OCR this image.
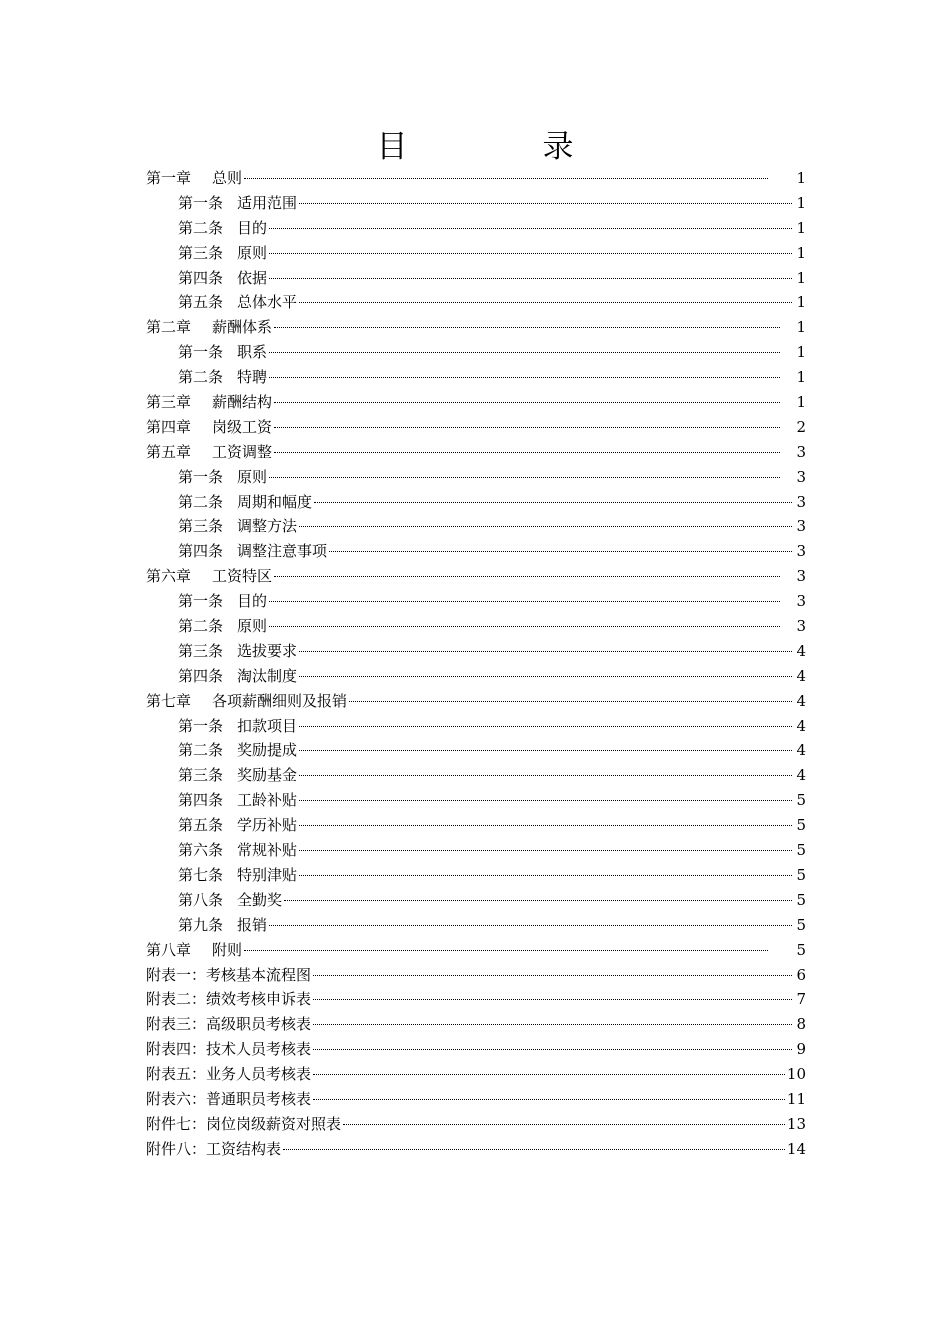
目　录
第一章 总则	1
第一条 适用范围	1
第二条 目的	1
第三条 原则	1
第四条 依据	1
第五条 总体水平	1
第二章 薪酬体系	1
第一条 职系	1
第二条 特聘	1
第三章 薪酬结构	1
第四章 岗级工资	2
第五章 工资调整	3
第一条 原则	3
第二条 周期和幅度	3
第三条 调整方法	3
第四条 调整注意事项	3
第六章 工资特区	3
第一条 目的	3
第二条 原则	3
第三条 选拔要求	4
第四条 淘汰制度	4
第七章 各项薪酬细则及报销	4
第一条 扣款项目	4
第二条 奖励提成	4
第三条 奖励基金	4
第四条 工龄补贴	5
第五条 学历补贴	5
第六条 常规补贴	5
第七条 特别津贴	5
第八条 全勤奖	5
第九条 报销	5
第八章 附则	5
附表一：考核基本流程图	6
附表二：绩效考核申诉表	7
附表三：高级职员考核表	8
附表四：技术人员考核表	9
附表五：业务人员考核表	10
附表六：普通职员考核表	11
附件七：岗位岗级薪资对照表	13
附件八：工资结构表	14
